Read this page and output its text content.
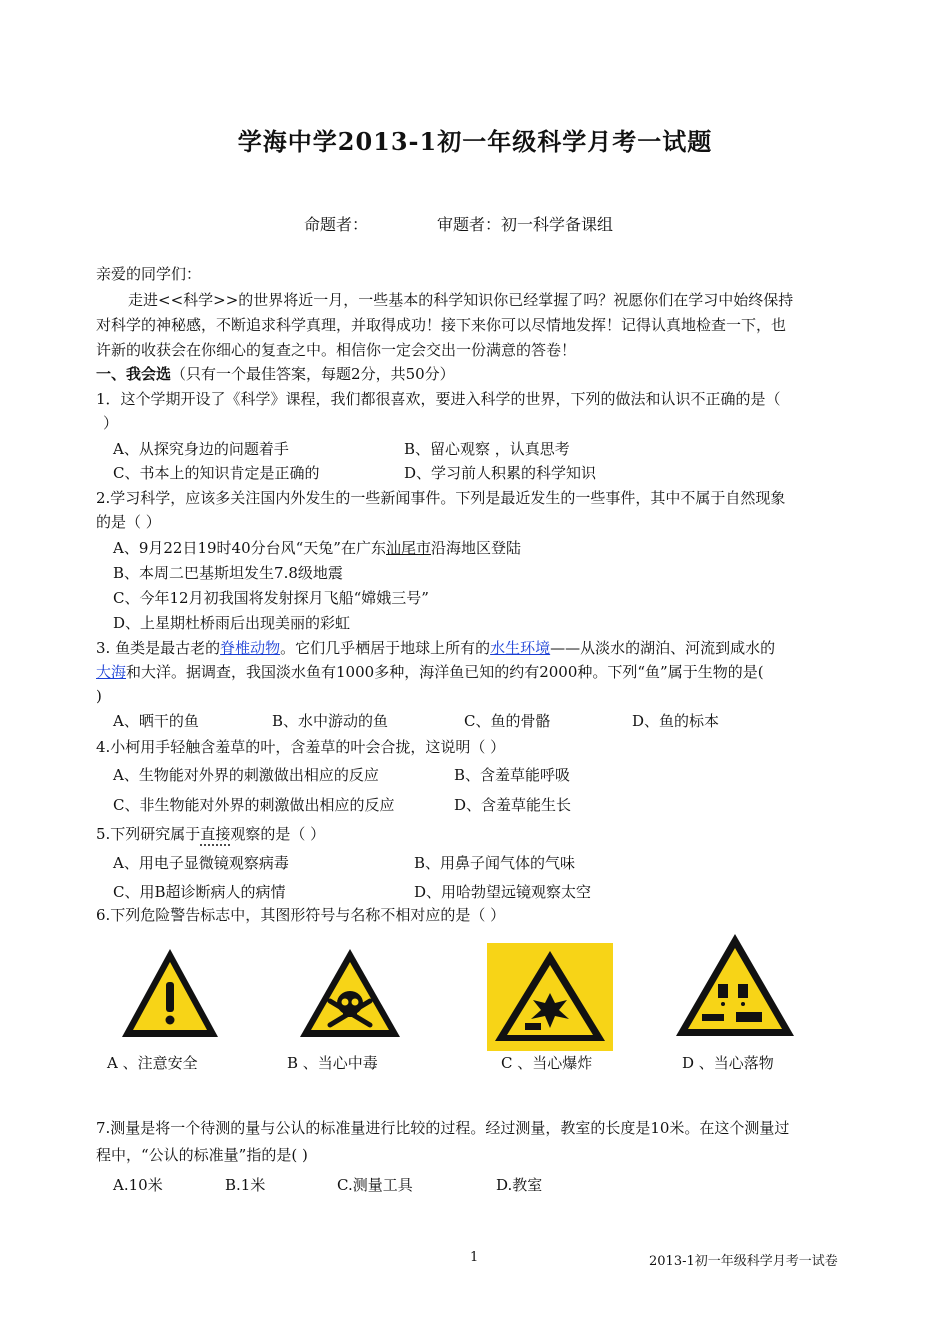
学海中学2013-1初一年级科学月考一试题
命题者：	审题者：初一科学备课组
亲爱的同学们：
走进<<科学>>的世界将近一月，一些基本的科学知识你已经掌握了吗？祝愿你们在学习中始终保持
对科学的神秘感，不断追求科学真理，并取得成功！接下来你可以尽情地发挥！记得认真地检查一下，也
许新的收获会在你细心的复查之中。相信你一定会交出一份满意的答卷！
一、我会选（只有一个最佳答案，每题2分，共50分）
1．这个学期开设了《科学》课程，我们都很喜欢，要进入科学的世界，下列的做法和认识不正确的是（
）
A、从探究身边的问题着手	B、留心观察 ，认真思考
C、书本上的知识肯定是正确的	D、学习前人积累的科学知识
2.学习科学，应该多关注国内外发生的一些新闻事件。下列是最近发生的一些事件，其中不属于自然现象
的是（ ）
A、9月22日19时40分台风“天兔”在广东汕尾市沿海地区登陆
B、本周二巴基斯坦发生7.8级地震
C、今年12月初我国将发射探月飞船“嫦娥三号”
D、上星期杜桥雨后出现美丽的彩虹
3. 鱼类是最古老的脊椎动物。它们几乎栖居于地球上所有的水生环境——从淡水的湖泊、河流到咸水的
大海和大洋。据调查，我国淡水鱼有1000多种，海洋鱼已知的约有2000种。下列“鱼”属于生物的是(
)
A、晒干的鱼	B、水中游动的鱼	C、鱼的骨骼	D、鱼的标本
4.小柯用手轻触含羞草的叶，含羞草的叶会合拢，这说明（ ）
A、生物能对外界的刺激做出相应的反应	B、含羞草能呼吸
C、非生物能对外界的刺激做出相应的反应	D、含羞草能生长
5.下列研究属于直接观察的是（ ）
A、用电子显微镜观察病毒	B、用鼻子闻气体的气味
C、用B超诊断病人的病情	D、用哈勃望远镜观察太空
6.下列危险警告标志中，其图形符号与名称不相对应的是（ ）
A 、注意安全	B 、当心中毒	C 、当心爆炸	D 、当心落物
7.测量是将一个待测的量与公认的标准量进行比较的过程。经过测量，教室的长度是10米。在这个测量过
程中，“公认的标准量”指的是( )
A.10米	B.1米	C.测量工具	D.教室
1	2013-1初一年级科学月考一试卷
